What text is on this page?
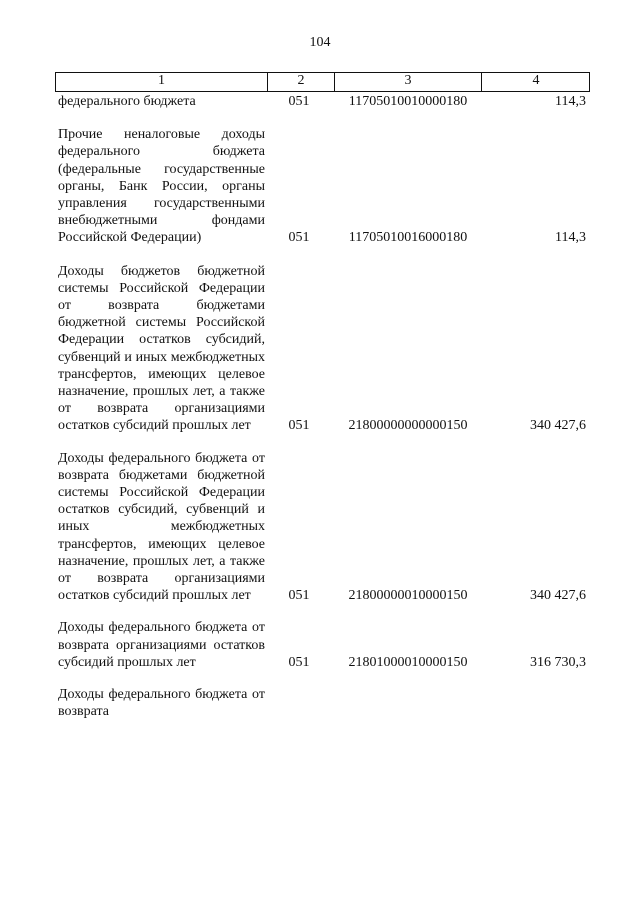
104
1	2	3	4
федерального бюджета	051	11705010010000180	114,3
Прочие неналоговые доходы федерального бюджета (федеральные государственные органы, Банк России, органы управления государственными внебюджетными фондами Российской Федерации)	051	11705010016000180	114,3
Доходы бюджетов бюджетной системы Российской Федерации от возврата бюджетами бюджетной системы Российской Федерации остатков субсидий, субвенций и иных межбюджетных трансфертов, имеющих целевое назначение, прошлых лет, а также от возврата организациями остатков субсидий прошлых лет	051	21800000000000150	340 427,6
Доходы федерального бюджета от возврата бюджетами бюджетной системы Российской Федерации остатков субсидий, субвенций и иных межбюджетных трансфертов, имеющих целевое назначение, прошлых лет, а также от возврата организациями остатков субсидий прошлых лет	051	21800000010000150	340 427,6
Доходы федерального бюджета от возврата организациями остатков субсидий прошлых лет	051	21801000010000150	316 730,3
Доходы федерального бюджета от возврата
